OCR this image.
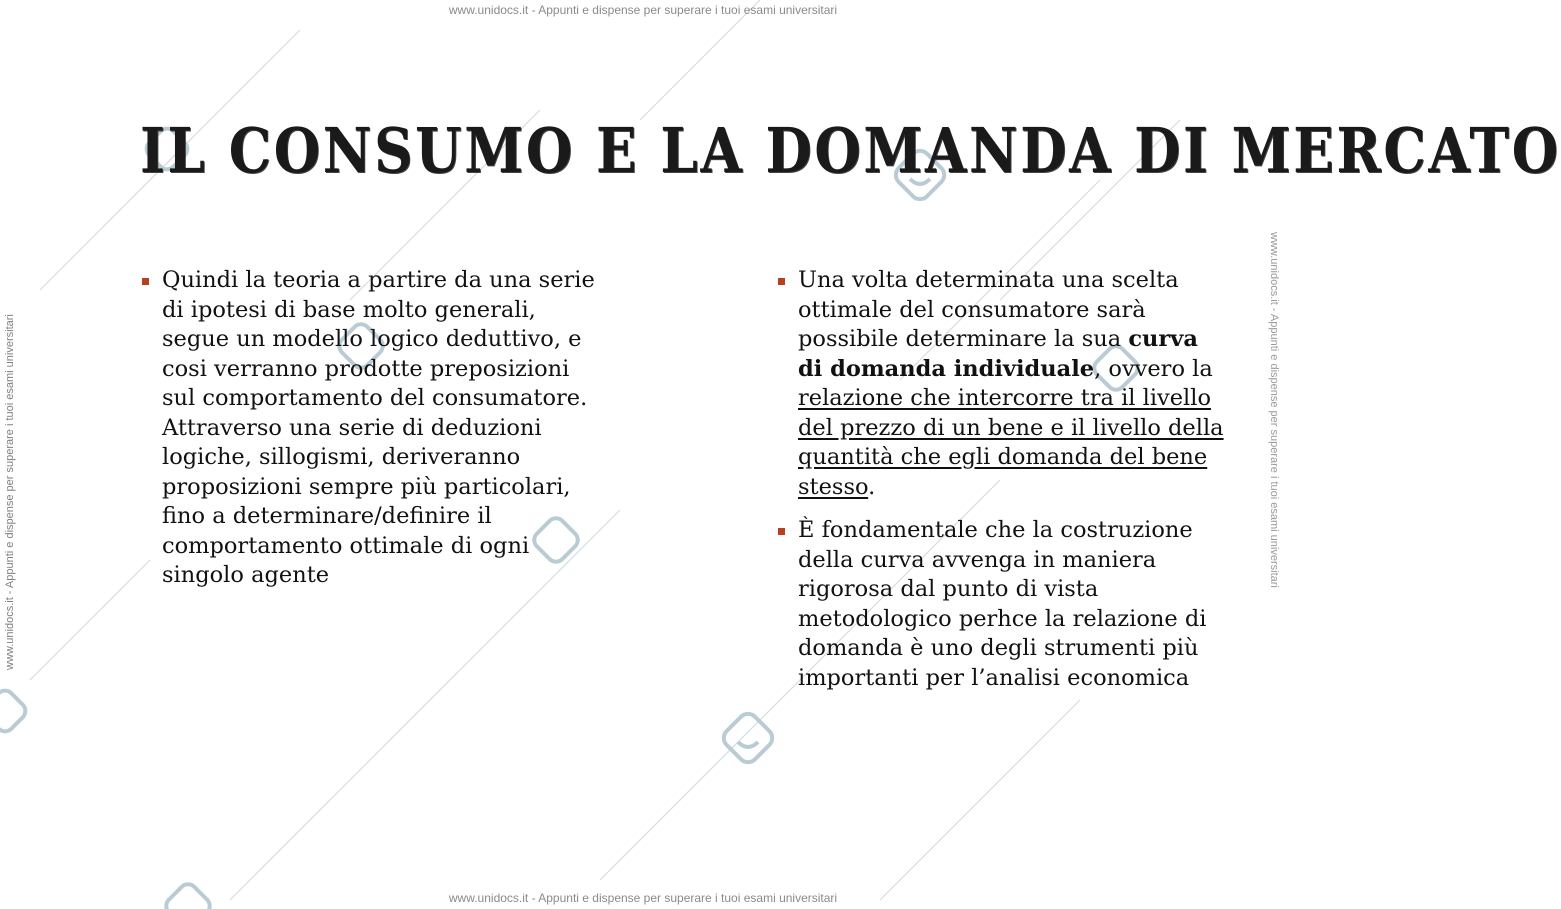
www.unidocs.it - Appunti e dispense per superare i tuoi esami universitari
www.unidocs.it - Appunti e dispense per superare i tuoi esami universitari
www.unidocs.it - Appunti e dispense per superare i tuoi esami universitari	www.unidocs.it - Appunti e dispense per superare i tuoi esami universitari
IL CONSUMO E LA DOMANDA DI MERCATO
Quindi la teoria a partire da una serie
di ipotesi di base molto generali,
segue un modello logico deduttivo, e
cosi verranno prodotte preposizioni
sul comportamento del consumatore.
Attraverso una serie di deduzioni
logiche, sillogismi, deriveranno
proposizioni sempre più particolari,
fino a determinare/definire il
comportamento ottimale di ogni
singolo agente
Una volta determinata una scelta
ottimale del consumatore sarà
possibile determinare la sua curva
di domanda individuale, ovvero la
relazione che intercorre tra il livello
del prezzo di un bene e il livello della
quantità che egli domanda del bene
stesso.
È fondamentale che la costruzione
della curva avvenga in maniera
rigorosa dal punto di vista
metodologico perhce la relazione di
domanda è uno degli strumenti più
importanti per l’analisi economica
